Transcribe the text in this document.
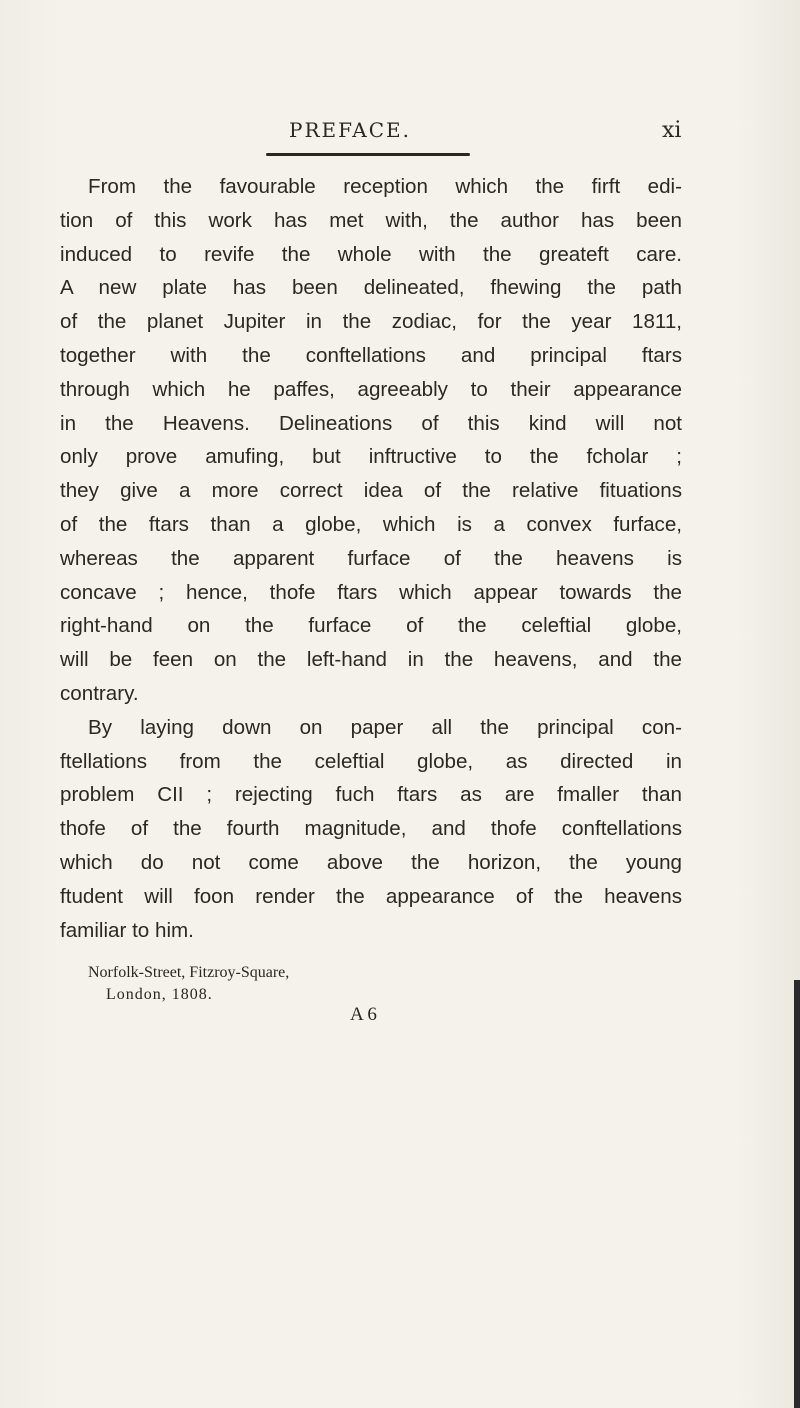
PREFACE.	xi
From the favourable reception which the firft edi-
tion of this work has met with, the author has been
induced to revife the whole with the greateft care.
A new plate has been delineated, fhewing the path
of the planet Jupiter in the zodiac, for the year 1811,
together with the conftellations and principal ftars
through which he paffes, agreeably to their appearance
in the Heavens. Delineations of this kind will not
only prove amufing, but inftructive to the fcholar ;
they give a more correct idea of the relative fituations
of the ftars than a globe, which is a convex furface,
whereas the apparent furface of the heavens is
concave ; hence, thofe ftars which appear towards the
right-hand on the furface of the celeftial globe,
will be feen on the left-hand in the heavens, and the
contrary.
By laying down on paper all the principal con-
ftellations from the celeftial globe, as directed in
problem CII ; rejecting fuch ftars as are fmaller than
thofe of the fourth magnitude, and thofe conftellations
which do not come above the horizon, the young
ftudent will foon render the appearance of the heavens
familiar to him.
Norfolk-Street, Fitzroy-Square,
London, 1808.
A 6
